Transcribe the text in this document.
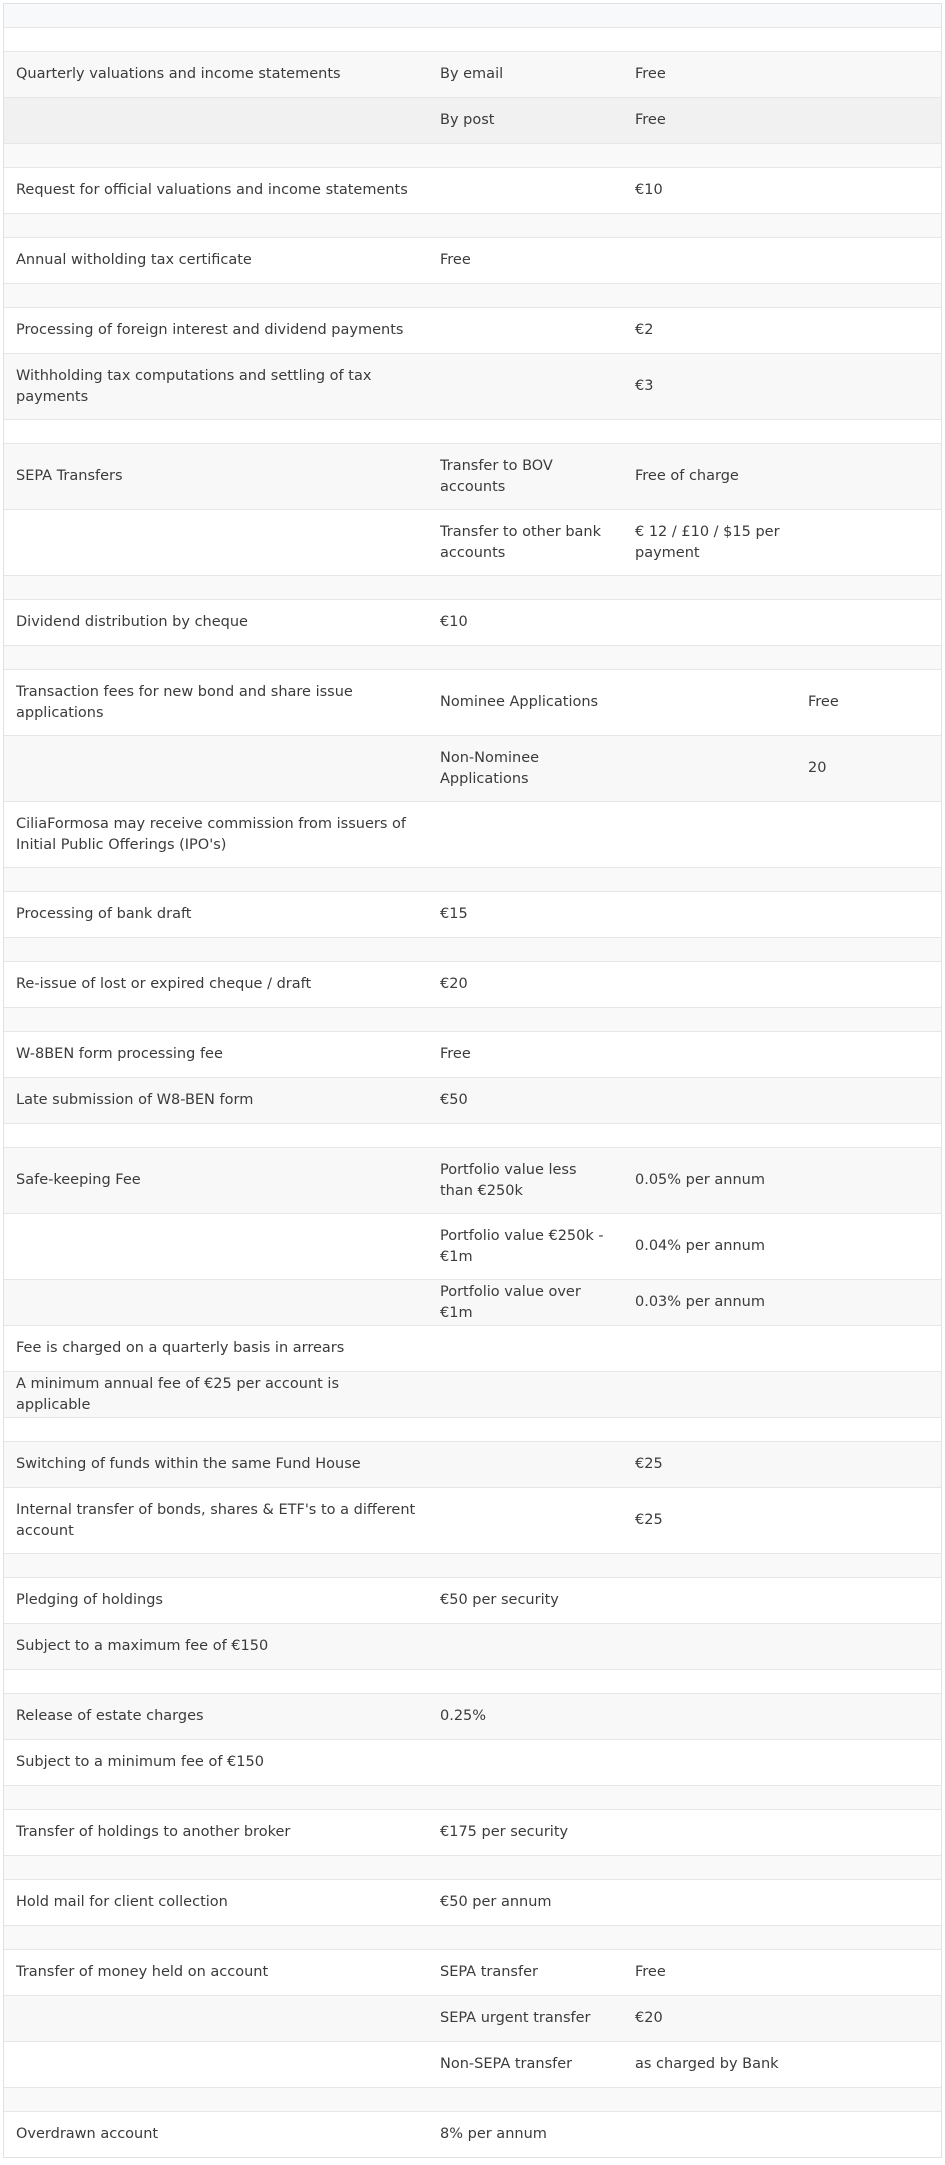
Quarterly valuations and income statements	By email	Free	
	By post	Free	

Request for official valuations and income statements		€10	

Annual witholding tax certificate	Free		

Processing of foreign interest and dividend payments		€2	
Withholding tax computations and settling of tax payments		€3	

SEPA Transfers	Transfer to BOV accounts	Free of charge	
	Transfer to other bank accounts	€ 12 / £10 / $15 per payment	

Dividend distribution by cheque	€10		

Transaction fees for new bond and share issue applications	Nominee Applications		Free
	Non-Nominee Applications		20
CiliaFormosa may receive commission from issuers of Initial Public Offerings (IPO's)			

Processing of bank draft	€15		

Re-issue of lost or expired cheque / draft	€20		

W-8BEN form processing fee	Free		
Late submission of W8-BEN form	€50		

Safe-keeping Fee	Portfolio value less than €250k	0.05% per annum	
	Portfolio value €250k - €1m	0.04% per annum	
	Portfolio value over €1m	0.03% per annum	
Fee is charged on a quarterly basis in arrears			
A minimum annual fee of €25 per account is applicable			

Switching of funds within the same Fund House		€25	
Internal transfer of bonds, shares & ETF's to a different account		€25	

Pledging of holdings	€50 per security		
Subject to a maximum fee of €150			

Release of estate charges	0.25%		
Subject to a minimum fee of €150			

Transfer of holdings to another broker	€175 per security		

Hold mail for client collection	€50 per annum		

Transfer of money held on account	SEPA transfer	Free	
	SEPA urgent transfer	€20	
	Non-SEPA transfer	as charged by Bank	

Overdrawn account	8% per annum		
